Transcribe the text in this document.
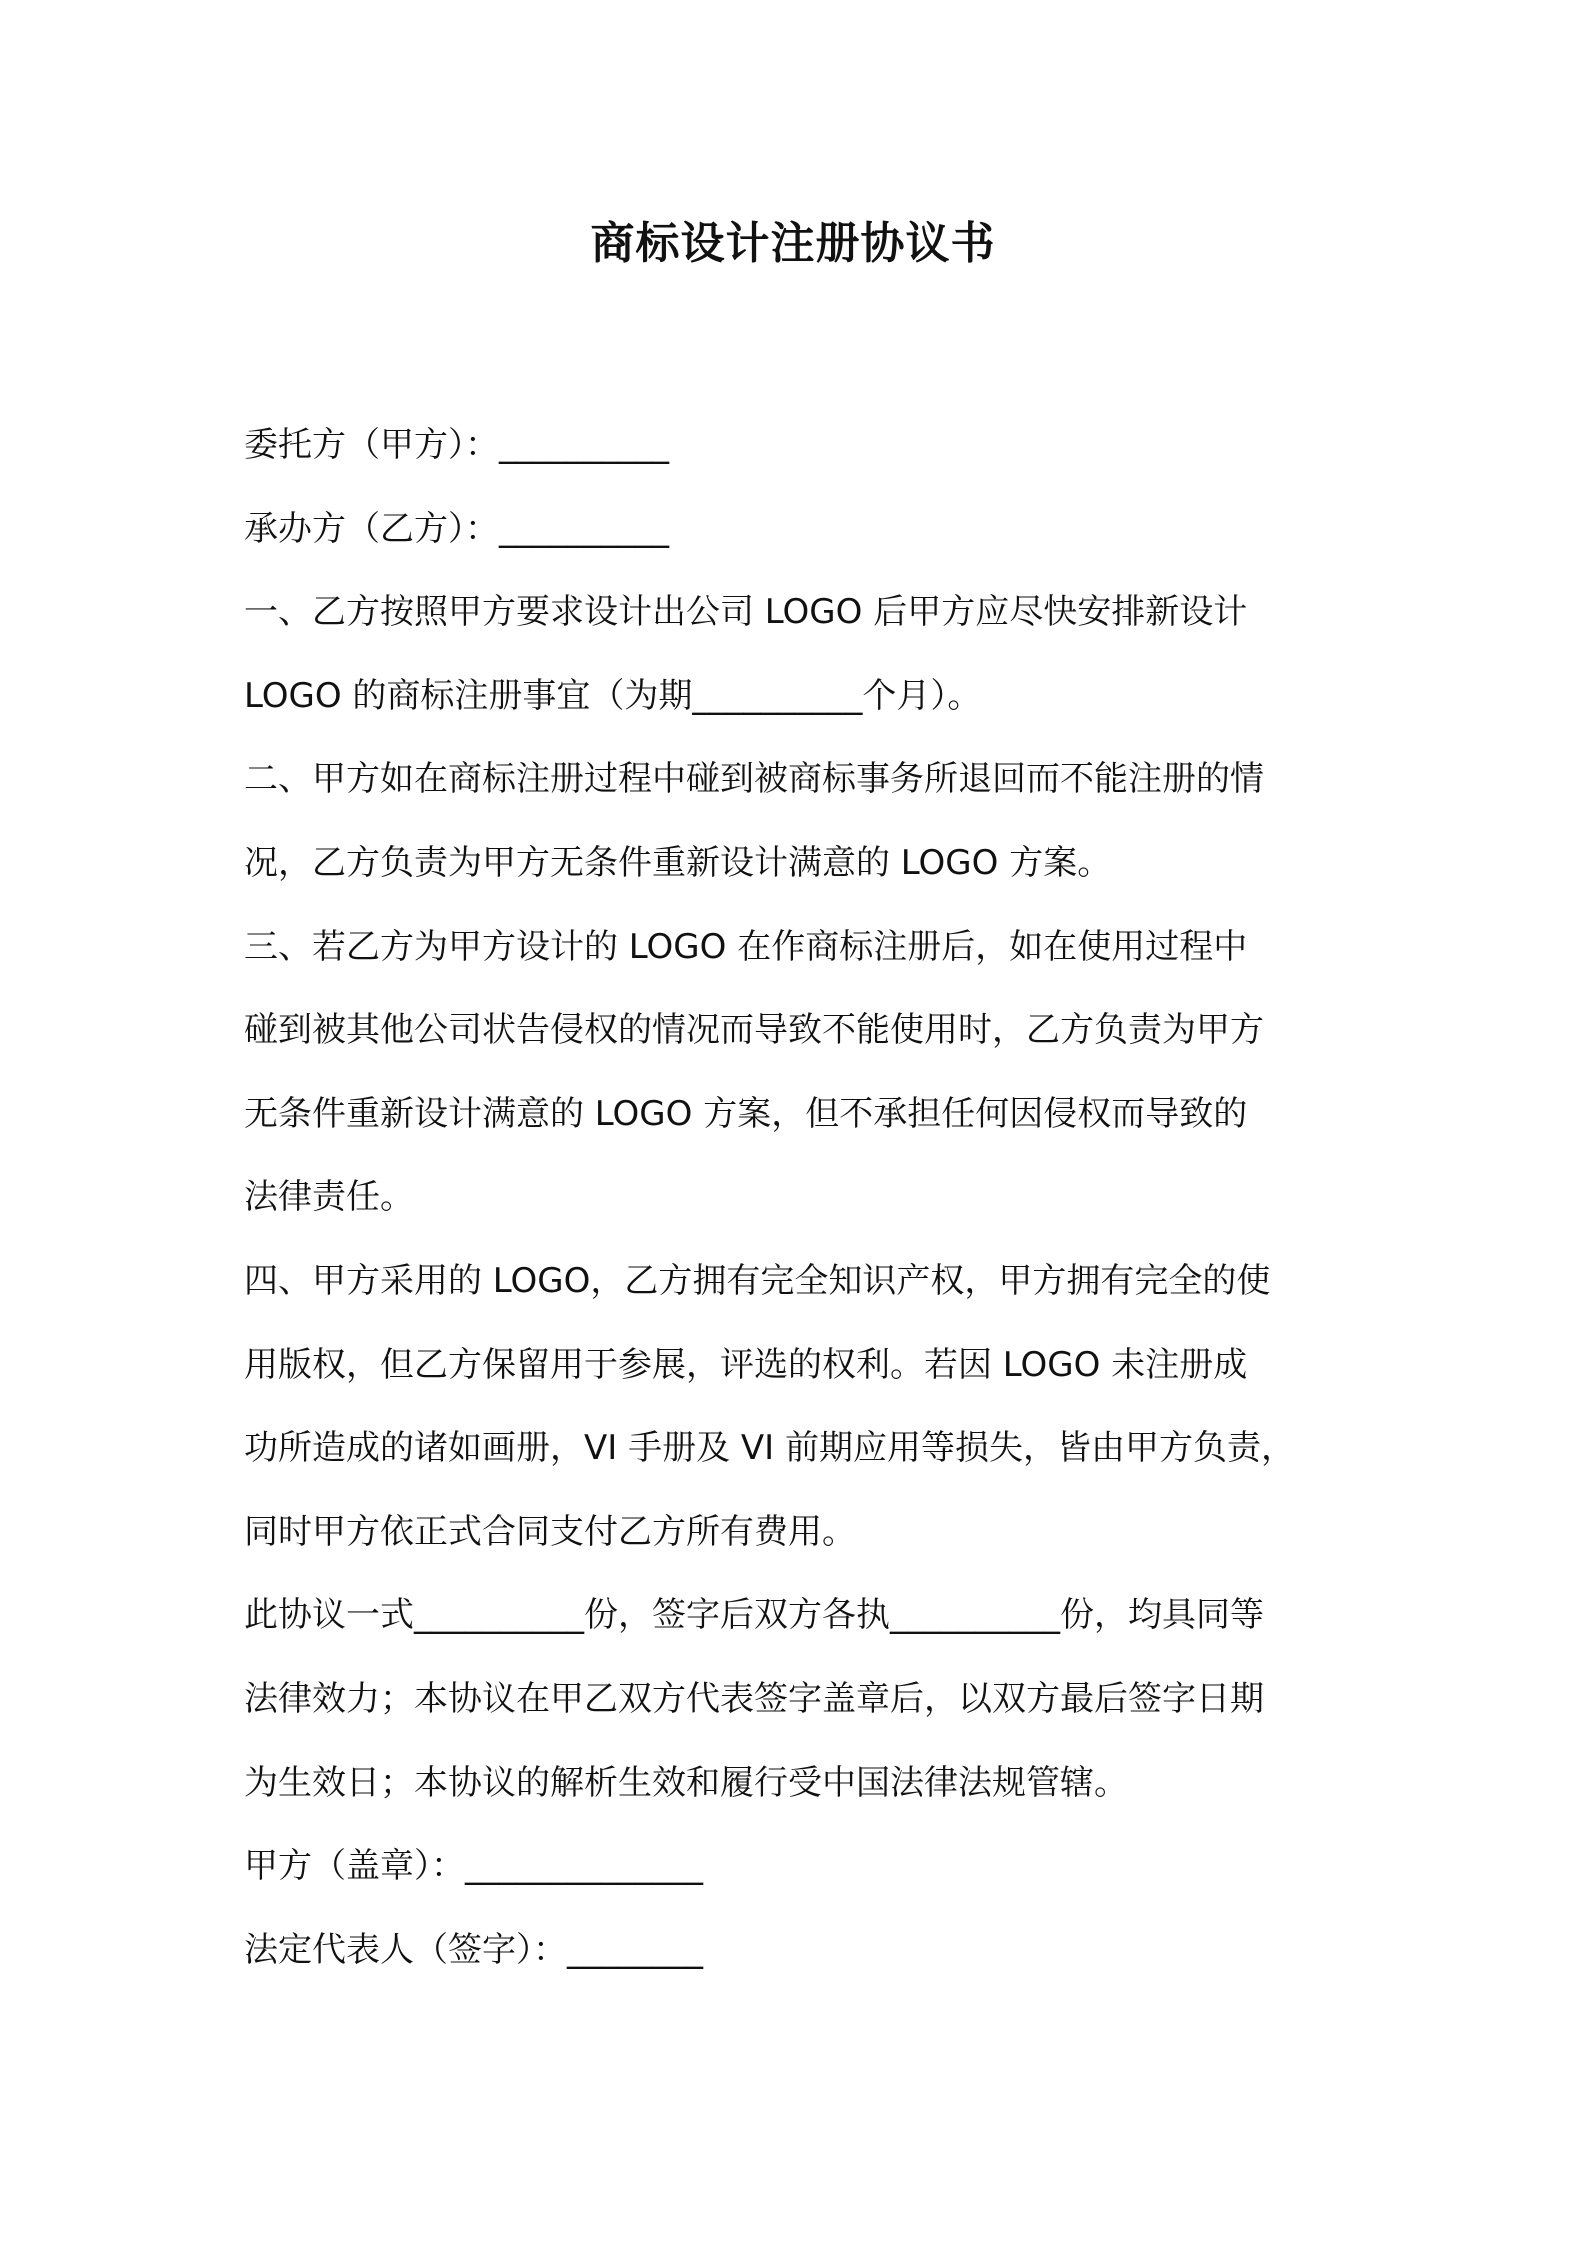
商标设计注册协议书
委托方（甲方）：__________
承办方（乙方）：__________
一、乙方按照甲方要求设计出公司 LOGO 后甲方应尽快安排新设计
LOGO 的商标注册事宜（为期__________个月）。
二、甲方如在商标注册过程中碰到被商标事务所退回而不能注册的情
况，乙方负责为甲方无条件重新设计满意的 LOGO 方案。
三、若乙方为甲方设计的 LOGO 在作商标注册后，如在使用过程中
碰到被其他公司状告侵权的情况而导致不能使用时，乙方负责为甲方
无条件重新设计满意的 LOGO 方案，但不承担任何因侵权而导致的
法律责任。
四、甲方采用的 LOGO，乙方拥有完全知识产权，甲方拥有完全的使
用版权，但乙方保留用于参展，评选的权利。若因 LOGO 未注册成
功所造成的诸如画册，VI 手册及 VI 前期应用等损失，皆由甲方负责，
同时甲方依正式合同支付乙方所有费用。
此协议一式__________份，签字后双方各执__________份，均具同等
法律效力；本协议在甲乙双方代表签字盖章后，以双方最后签字日期
为生效日；本协议的解析生效和履行受中国法律法规管辖。
甲方（盖章）：______________
法定代表人（签字）：________
